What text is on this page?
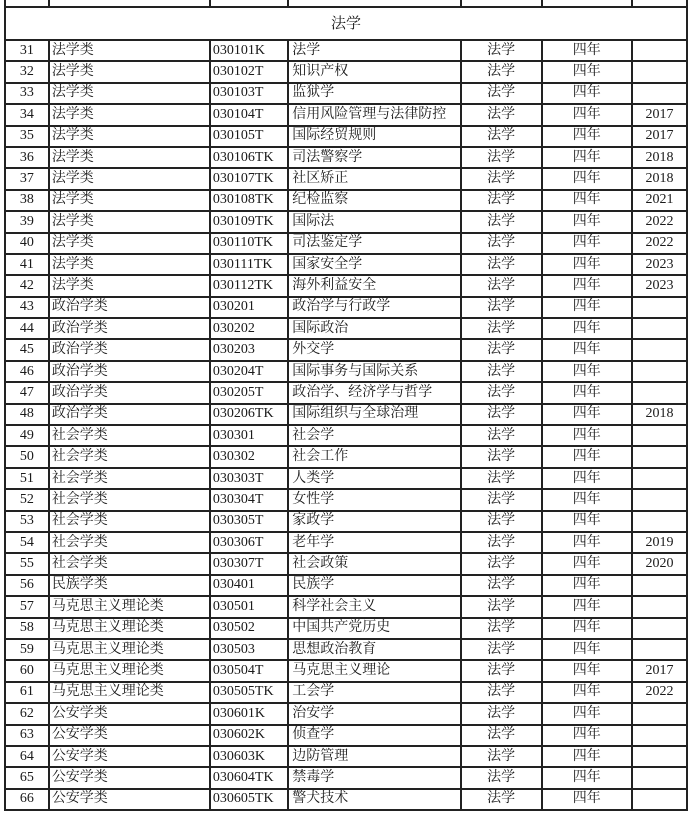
法学						
31	法学类	030101K	法学	法学	四年	
32	法学类	030102T	知识产权	法学	四年	
33	法学类	030103T	监狱学	法学	四年	
34	法学类	030104T	信用风险管理与法律防控	法学	四年	2017
35	法学类	030105T	国际经贸规则	法学	四年	2017
36	法学类	030106TK	司法警察学	法学	四年	2018
37	法学类	030107TK	社区矫正	法学	四年	2018
38	法学类	030108TK	纪检监察	法学	四年	2021
39	法学类	030109TK	国际法	法学	四年	2022
40	法学类	030110TK	司法鉴定学	法学	四年	2022
41	法学类	030111TK	国家安全学	法学	四年	2023
42	法学类	030112TK	海外利益安全	法学	四年	2023
43	政治学类	030201	政治学与行政学	法学	四年	
44	政治学类	030202	国际政治	法学	四年	
45	政治学类	030203	外交学	法学	四年	
46	政治学类	030204T	国际事务与国际关系	法学	四年	
47	政治学类	030205T	政治学、经济学与哲学	法学	四年	
48	政治学类	030206TK	国际组织与全球治理	法学	四年	2018
49	社会学类	030301	社会学	法学	四年	
50	社会学类	030302	社会工作	法学	四年	
51	社会学类	030303T	人类学	法学	四年	
52	社会学类	030304T	女性学	法学	四年	
53	社会学类	030305T	家政学	法学	四年	
54	社会学类	030306T	老年学	法学	四年	2019
55	社会学类	030307T	社会政策	法学	四年	2020
56	民族学类	030401	民族学	法学	四年	
57	马克思主义理论类	030501	科学社会主义	法学	四年	
58	马克思主义理论类	030502	中国共产党历史	法学	四年	
59	马克思主义理论类	030503	思想政治教育	法学	四年	
60	马克思主义理论类	030504T	马克思主义理论	法学	四年	2017
61	马克思主义理论类	030505TK	工会学	法学	四年	2022
62	公安学类	030601K	治安学	法学	四年	
63	公安学类	030602K	侦查学	法学	四年	
64	公安学类	030603K	边防管理	法学	四年	
65	公安学类	030604TK	禁毒学	法学	四年	
66	公安学类	030605TK	警犬技术	法学	四年	
